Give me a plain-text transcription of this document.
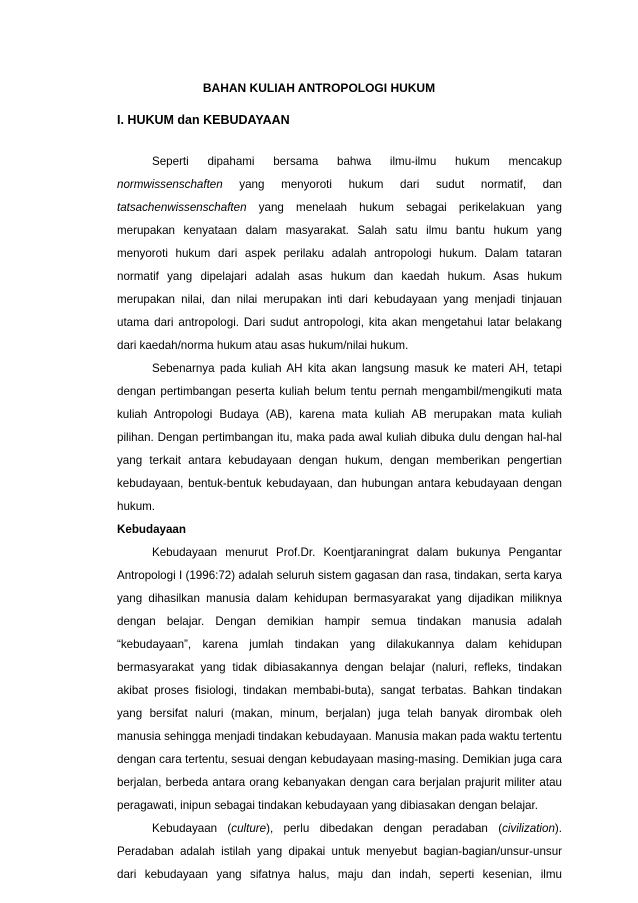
BAHAN KULIAH ANTROPOLOGI HUKUM
I. HUKUM dan KEBUDAYAAN

Seperti dipahami bersama bahwa ilmu-ilmu hukum mencakup normwissenschaften yang menyoroti hukum dari sudut normatif, dan tatsachenwissenschaften yang menelaah hukum sebagai perikelakuan yang merupakan kenyataan dalam masyarakat. Salah satu ilmu bantu hukum yang menyoroti hukum dari aspek perilaku adalah antropologi hukum. Dalam tataran normatif yang dipelajari adalah asas hukum dan kaedah hukum. Asas hukum merupakan nilai, dan nilai merupakan inti dari kebudayaan yang menjadi tinjauan utama dari antropologi. Dari sudut antropologi, kita akan mengetahui latar belakang dari kaedah/norma hukum atau asas hukum/nilai hukum.

Sebenarnya pada kuliah AH kita akan langsung masuk ke materi AH, tetapi dengan pertimbangan peserta kuliah belum tentu pernah mengambil/mengikuti mata kuliah Antropologi Budaya (AB), karena mata kuliah AB merupakan mata kuliah pilihan. Dengan pertimbangan itu, maka pada awal kuliah dibuka dulu dengan hal-hal yang terkait antara kebudayaan dengan hukum, dengan memberikan pengertian kebudayaan, bentuk-bentuk kebudayaan, dan hubungan antara kebudayaan dengan hukum.

Kebudayaan

Kebudayaan menurut Prof.Dr. Koentjaraningrat dalam bukunya Pengantar Antropologi I (1996:72) adalah seluruh sistem gagasan dan rasa, tindakan, serta karya yang dihasilkan manusia dalam kehidupan bermasyarakat yang dijadikan miliknya dengan belajar. Dengan demikian hampir semua tindakan manusia adalah “kebudayaan”, karena jumlah tindakan yang dilakukannya dalam kehidupan bermasyarakat yang tidak dibiasakannya dengan belajar (naluri, refleks, tindakan akibat proses fisiologi, tindakan membabi-buta), sangat terbatas. Bahkan tindakan yang bersifat naluri (makan, minum, berjalan) juga telah banyak dirombak oleh manusia sehingga menjadi tindakan kebudayaan. Manusia makan pada waktu tertentu dengan cara tertentu, sesuai dengan kebudayaan masing-masing. Demikian juga cara berjalan, berbeda antara orang kebanyakan dengan cara berjalan prajurit militer atau peragawati, inipun sebagai tindakan kebudayaan yang dibiasakan dengan belajar.

Kebudayaan (culture), perlu dibedakan dengan peradaban (civilization). Peradaban adalah istilah yang dipakai untuk menyebut bagian-bagian/unsur-unsur dari kebudayaan yang sifatnya halus, maju dan indah, seperti kesenian, ilmu
